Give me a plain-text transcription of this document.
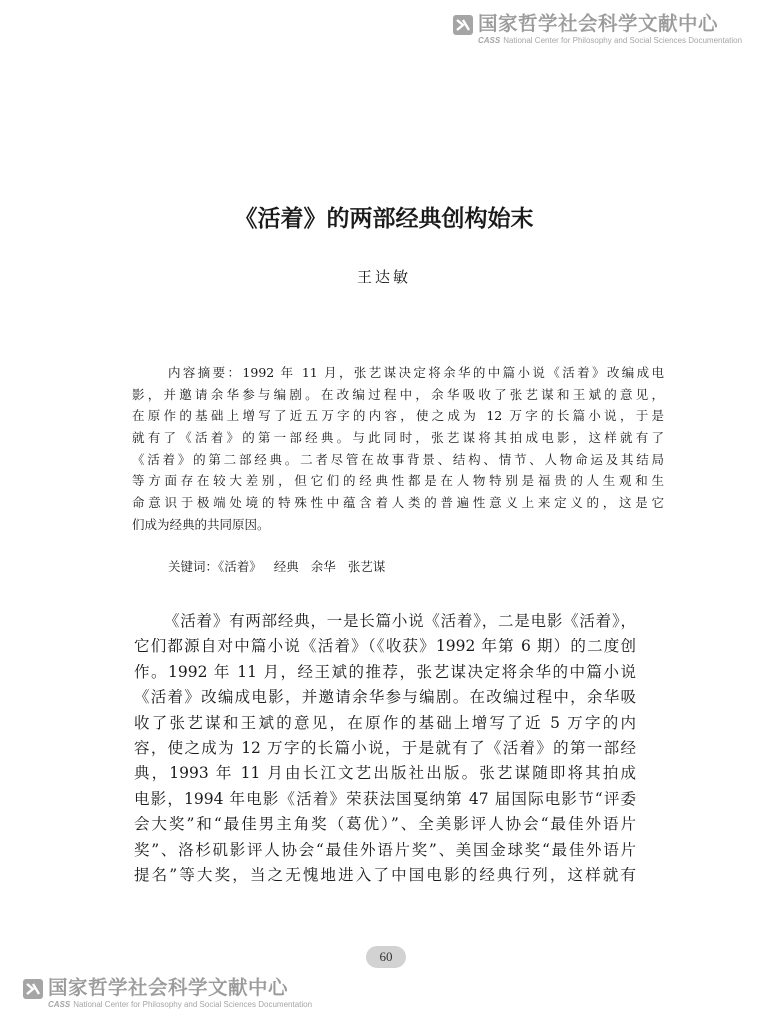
国家哲学社会科学文献中心
CASS National Center for Philosophy and Social Sciences Documentation
《活着》的两部经典创构始末
王达敏
内容摘要：1992 年 11 月，张艺谋决定将余华的中篇小说《活着》改编成电
影，并邀请余华参与编剧。在改编过程中，余华吸收了张艺谋和王斌的意见，
在原作的基础上增写了近五万字的内容，使之成为 12 万字的长篇小说，于是
就有了《活着》的第一部经典。与此同时，张艺谋将其拍成电影，这样就有了
《活着》的第二部经典。二者尽管在故事背景、结构、情节、人物命运及其结局
等方面存在较大差别，但它们的经典性都是在人物特别是福贵的人生观和生
命意识于极端处境的特殊性中蕴含着人类的普遍性意义上来定义的，这是它
们成为经典的共同原因。
关键词：《活着》 经典 余华 张艺谋
《活着》有两部经典，一是长篇小说《活着》，二是电影《活着》，
它们都源自对中篇小说《活着》（《收获》1992 年第 6 期）的二度创
作。1992 年 11 月，经王斌的推荐，张艺谋决定将余华的中篇小说
《活着》改编成电影，并邀请余华参与编剧。在改编过程中，余华吸
收了张艺谋和王斌的意见，在原作的基础上增写了近 5 万字的内
容，使之成为 12 万字的长篇小说，于是就有了《活着》的第一部经
典，1993 年 11 月由长江文艺出版社出版。张艺谋随即将其拍成
电影，1994 年电影《活着》荣获法国戛纳第 47 届国际电影节“评委
会大奖”和“最佳男主角奖（葛优）”、全美影评人协会“最佳外语片
奖”、洛杉矶影评人协会“最佳外语片奖”、美国金球奖“最佳外语片
提名”等大奖，当之无愧地进入了中国电影的经典行列，这样就有
60
国家哲学社会科学文献中心
CASS National Center for Philosophy and Social Sciences Documentation
